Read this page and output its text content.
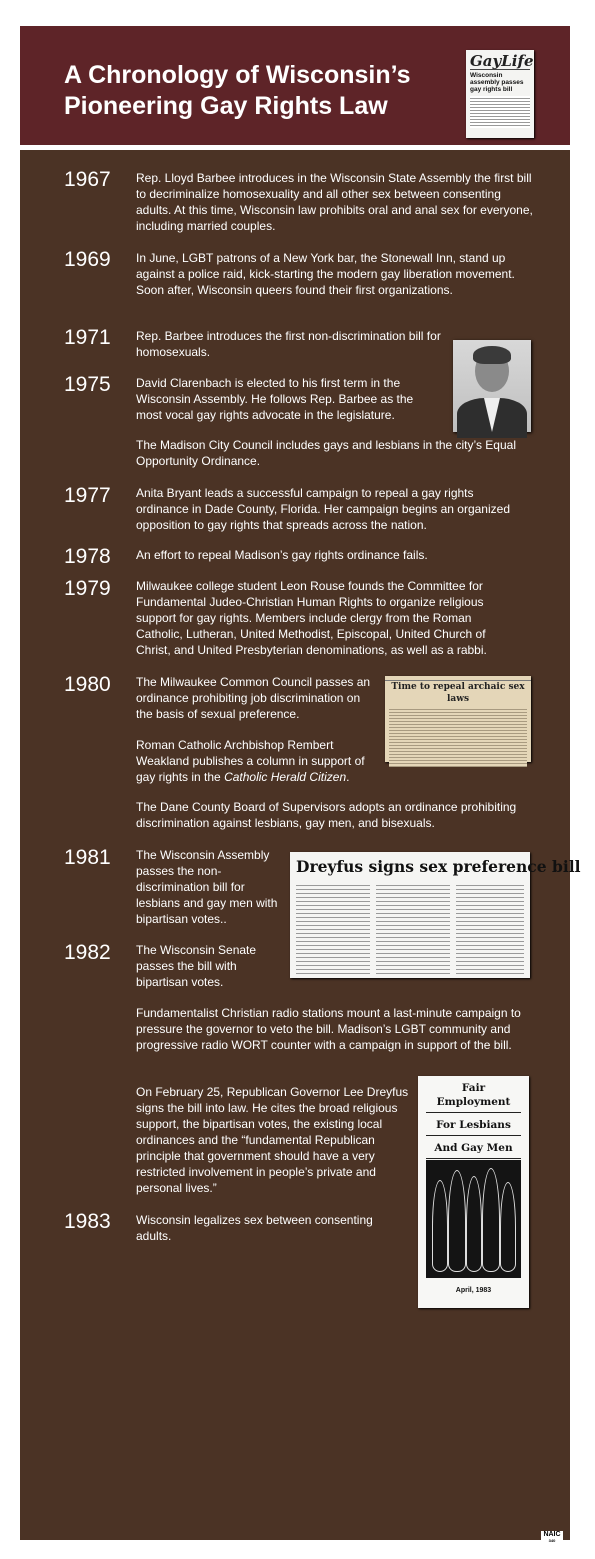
A Chronology of Wisconsin’s Pioneering Gay Rights Law
GayLife
Wisconsin assembly passes gay rights bill
1967 Rep. Lloyd Barbee introduces in the Wisconsin State Assembly the first bill to decriminalize homosexuality and all other sex between consenting adults. At this time, Wisconsin law prohibits oral and anal sex for everyone, including married couples.
1969 In June, LGBT patrons of a New York bar, the Stonewall Inn, stand up against a police raid, kick-starting the modern gay liberation movement. Soon after, Wisconsin queers found their first organizations.
1971 Rep. Barbee introduces the first non-discrimination bill for homosexuals.
1975 David Clarenbach is elected to his first term in the Wisconsin Assembly. He follows Rep. Barbee as the most vocal gay rights advocate in the legislature.
The Madison City Council includes gays and lesbians in the city’s Equal Opportunity Ordinance.
1977 Anita Bryant leads a successful campaign to repeal a gay rights ordinance in Dade County, Florida. Her campaign begins an organized opposition to gay rights that spreads across the nation.
1978 An effort to repeal Madison’s gay rights ordinance fails.
1979 Milwaukee college student Leon Rouse founds the Committee for Fundamental Judeo-Christian Human Rights to organize religious support for gay rights. Members include clergy from the Roman Catholic, Lutheran, United Methodist, Episcopal, United Church of Christ, and United Presbyterian denominations, as well as a rabbi.
1980 The Milwaukee Common Council passes an ordinance prohibiting job discrimination on the basis of sexual preference.
Time to repeal archaic sex laws
Roman Catholic Archbishop Rembert Weakland publishes a column in support of gay rights in the Catholic Herald Citizen.
The Dane County Board of Supervisors adopts an ordinance prohibiting discrimination against lesbians, gay men, and bisexuals.
1981 The Wisconsin Assembly passes the non-discrimination bill for lesbians and gay men with bipartisan votes..
Dreyfus signs sex preference bill
1982 The Wisconsin Senate passes the bill with bipartisan votes.
Fundamentalist Christian radio stations mount a last-minute campaign to pressure the governor to veto the bill. Madison’s LGBT community and progressive radio WORT counter with a campaign in support of the bill.
On February 25, Republican Governor Lee Dreyfus signs the bill into law. He cites the broad religious support, the bipartisan votes, the existing local ordinances and the “fundamental Republican principle that government should have a very restricted involvement in people’s private and personal lives.”
Fair Employment
For Lesbians
And Gay Men
April, 1983
1983 Wisconsin legalizes sex between consenting adults.
NAIC
340
